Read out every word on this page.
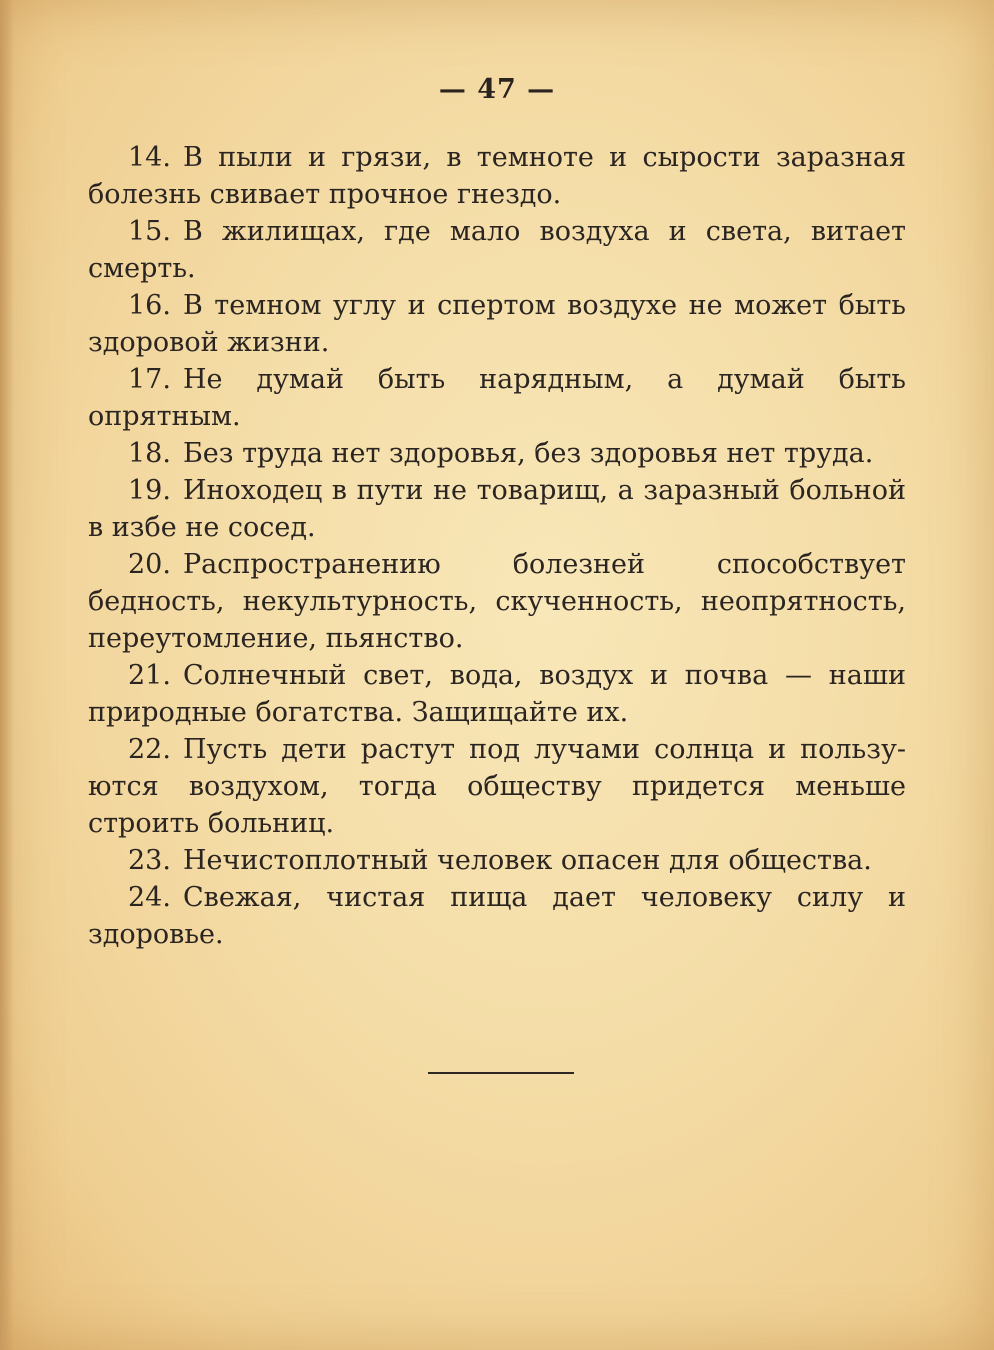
— 47 —

14. В пыли и грязи, в темноте и сырости заразная болезнь свивает прочное гнездо.

15. В жилищах, где мало воздуха и света, витает смерть.

16. В темном углу и спертом воздухе не может быть здоровой жизни.

17. Не думай быть нарядным, а думай быть опрятным.

18. Без труда нет здоровья, без здоровья нет труда.

19. Иноходец в пути не товарищ, а заразный больной в избе не сосед.

20. Распространению болезней способствует бедность, некультурность, скученность, неопрятность, переутомление, пьянство.

21. Солнечный свет, вода, воздух и почва — наши природные богатства. Защищайте их.

22. Пусть дети растут под лучами солнца и пользуются воздухом, тогда обществу придется меньше строить больниц.

23. Нечистоплотный человек опасен для общества.

24. Свежая, чистая пища дает человеку силу и здоровье.
